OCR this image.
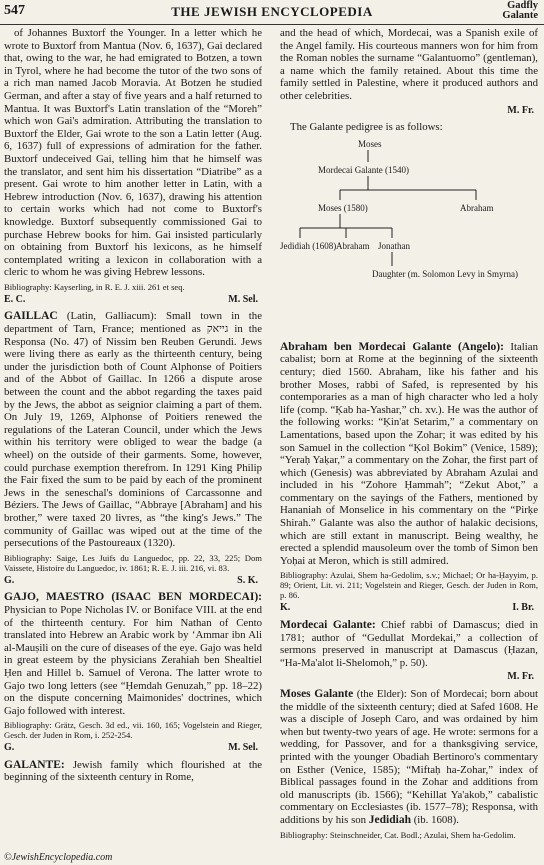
547	THE JEWISH ENCYCLOPEDIA	Gadfly
Galante

of Johannes Buxtorf the Younger. In a letter which he wrote to Buxtorf from Mantua (Nov. 6, 1637), Gai declared that, owing to the war, he had emigrated to Botzen, a town in Tyrol, where he had become the tutor of the two sons of a rich man named Jacob Moravia. At Botzen he studied German, and after a stay of five years and a half returned to Mantua. It was Buxtorf's Latin translation of the “Moreh” which won Gai's admiration. Attributing the translation to Buxtorf the Elder, Gai wrote to the son a Latin letter (Aug. 6, 1637) full of expressions of admiration for the father. Buxtorf undeceived Gai, telling him that he himself was the translator, and sent him his dissertation “Diatribe” as a present. Gai wrote to him another letter in Latin, with a Hebrew introduction (Nov. 6, 1637), drawing his attention to certain works which had not come to Buxtorf's knowledge. Buxtorf subsequently commissioned Gai to purchase Hebrew books for him. Gai insisted particularly on obtaining from Buxtorf his lexicons, as he himself contemplated writing a lexicon in collaboration with a cleric to whom he was giving Hebrew lessons.

Bibliography: Kayserling, in R. E. J. xiii. 261 et seq.

E. C.	M. Sel.

GAILLAC (Latin, Galliacum): Small town in the department of Tarn, France; mentioned as גייאק in the Responsa (No. 47) of Nissim ben Reuben Gerundi. Jews were living there as early as the thirteenth century, being under the jurisdiction both of Count Alphonse of Poitiers and of the Abbot of Gaillac. In 1266 a dispute arose between the count and the abbot regarding the taxes paid by the Jews, the abbot as seignior claiming a part of them. On July 19, 1269, Alphonse of Poitiers renewed the regulations of the Lateran Council, under which the Jews within his territory were obliged to wear the badge (a wheel) on the outside of their garments. Some, however, could purchase exemption therefrom. In 1291 King Philip the Fair fixed the sum to be paid by each of the prominent Jews in the seneschal's dominions of Carcassonne and Béziers. The Jews of Gaillac, “Abbraye [Abraham] and his brother,” were taxed 20 livres, as “the king's Jews.” The community of Gaillac was wiped out at the time of the persecutions of the Pastoureaux (1320).

Bibliography: Saige, Les Juifs du Languedoc, pp. 22, 33, 225; Dom Vaissete, Histoire du Languedoc, iv. 1861; R. E. J. iii. 216, vi. 83.

G.	S. K.

GAJO, MAESTRO (ISAAC BEN MORDECAI): Physician to Pope Nicholas IV. or Boniface VIII. at the end of the thirteenth century. For him Nathan of Cento translated into Hebrew an Arabic work by ‘Ammar ibn Ali al-Mauṣili on the cure of diseases of the eye. Gajo was held in great esteem by the physicians Zerahiah ben Shealtiel Ḥen and Hillel b. Samuel of Verona. The latter wrote to Gajo two long letters (see “Ḥemdah Genuzah,” pp. 18–22) on the dispute concerning Maimonides' doctrines, which Gajo followed with interest.

Bibliography: Grätz, Gesch. 3d ed., vii. 160, 165; Vogelstein and Rieger, Gesch. der Juden in Rom, i. 252-254.

G.	M. Sel.

GALANTE: Jewish family which flourished at the beginning of the sixteenth century in Rome,

and the head of which, Mordecai, was a Spanish exile of the Angel family. His courteous manners won for him from the Roman nobles the surname “Galantuomo” (gentleman), a name which the family retained. About this time the family settled in Palestine, where it produced authors and other celebrities.

M. Fr.

The Galante pedigree is as follows:

Moses
Mordecai Galante (1540)
Moses (1580)	Abraham
Jedidiah (1608) Abraham Jonathan
Daughter (m. Solomon Levy in Smyrna)

Abraham ben Mordecai Galante (Angelo): Italian cabalist; born at Rome at the beginning of the sixteenth century; died 1560. Abraham, like his father and his brother Moses, rabbi of Safed, is represented by his contemporaries as a man of high character who led a holy life (comp. “Ḳab ha-Yashar,” ch. xv.). He was the author of the following works: “Ḳin'at Setarim,” a commentary on Lamentations, based upon the Zohar; it was edited by his son Samuel in the collection “Ḳol Bokim” (Venice, 1589); “Yeraḥ Yaḳar,” a commentary on the Zohar, the first part of which (Genesis) was abbreviated by Abraham Azulai and included in his “Zohore Ḥammah”; “Zekut Abot,” a commentary on the sayings of the Fathers, mentioned by Hananiah of Monselice in his commentary on the “Pirḳe Shirah.” Galante was also the author of halakic decisions, which are still extant in manuscript. Being wealthy, he erected a splendid mausoleum over the tomb of Simon ben Yoḥai at Meron, which is still admired.

Bibliography: Azulai, Shem ha-Gedolim, s.v.; Michael; Or ha-Ḥayyim, p. 89; Orient, Lit. vi. 211; Vogelstein and Rieger, Gesch. der Juden in Rom, p. 86.

K.	I. Br.

Mordecai Galante: Chief rabbi of Damascus; died in 1781; author of “Gedullat Mordekai,” a collection of sermons preserved in manuscript at Damascus (Ḥazan, “Ha-Ma'alot li-Shelomoh,” p. 50).

M. Fr.

Moses Galante (the Elder): Son of Mordecai; born about the middle of the sixteenth century; died at Safed 1608. He was a disciple of Joseph Caro, and was ordained by him when but twenty-two years of age. He wrote: sermons for a wedding, for Passover, and for a thanksgiving service, printed with the younger Obadiah Bertinoro's commentary on Esther (Venice, 1585); “Miftaḥ ha-Zohar,” index of Biblical passages found in the Zohar and additions from old manuscripts (ib. 1566); “Kehillat Ya'akob,” cabalistic commentary on Ecclesiastes (ib. 1577–78); Responsa, with additions by his son Jedidiah (ib. 1608).

Bibliography: Steinschneider, Cat. Bodl.; Azulai, Shem ha-Gedolim.

©JewishEncyclopedia.com
